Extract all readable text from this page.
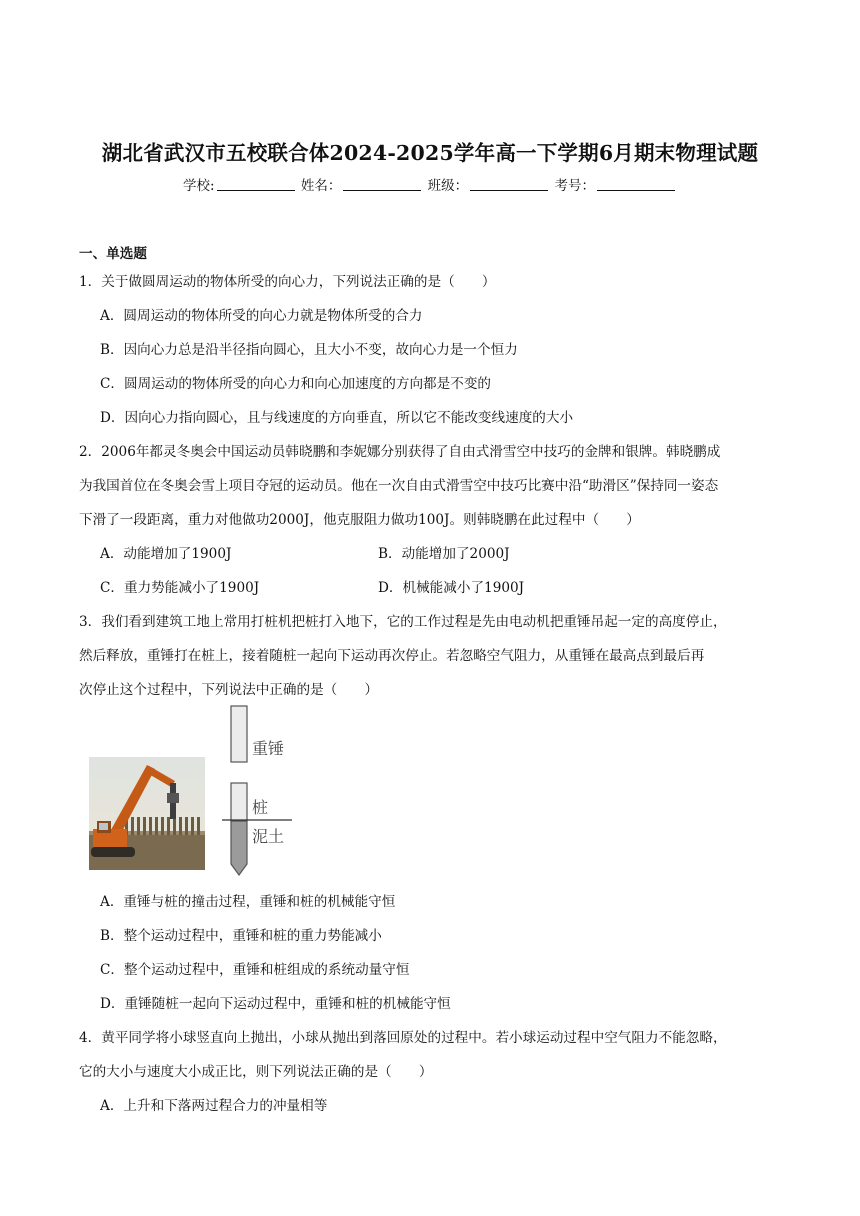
湖北省武汉市五校联合体2024-2025学年高一下学期6月期末物理试题
学校:	姓名：	班级：	考号：
一、单选题
1．关于做圆周运动的物体所受的向心力，下列说法正确的是（　　）
A．圆周运动的物体所受的向心力就是物体所受的合力
B．因向心力总是沿半径指向圆心，且大小不变，故向心力是一个恒力
C．圆周运动的物体所受的向心力和向心加速度的方向都是不变的
D．因向心力指向圆心，且与线速度的方向垂直，所以它不能改变线速度的大小
2．2006年都灵冬奥会中国运动员韩晓鹏和李妮娜分别获得了自由式滑雪空中技巧的金牌和银牌。韩晓鹏成
为我国首位在冬奥会雪上项目夺冠的运动员。他在一次自由式滑雪空中技巧比赛中沿“助滑区”保持同一姿态
下滑了一段距离，重力对他做功2000J，他克服阻力做功100J。则韩晓鹏在此过程中（　　）
A．动能增加了1900J	B．动能增加了2000J
C．重力势能减小了1900J	D．机械能减小了1900J
3．我们看到建筑工地上常用打桩机把桩打入地下，它的工作过程是先由电动机把重锤吊起一定的高度停止，
然后释放，重锤打在桩上，接着随桩一起向下运动再次停止。若忽略空气阻力，从重锤在最高点到最后再
次停止这个过程中，下列说法中正确的是（　　）
重锤
桩
泥土
A．重锤与桩的撞击过程，重锤和桩的机械能守恒
B．整个运动过程中，重锤和桩的重力势能减小
C．整个运动过程中，重锤和桩组成的系统动量守恒
D．重锤随桩一起向下运动过程中，重锤和桩的机械能守恒
4．黄平同学将小球竖直向上抛出，小球从抛出到落回原处的过程中。若小球运动过程中空气阻力不能忽略，
它的大小与速度大小成正比，则下列说法正确的是（　　）
A．上升和下落两过程合力的冲量相等
